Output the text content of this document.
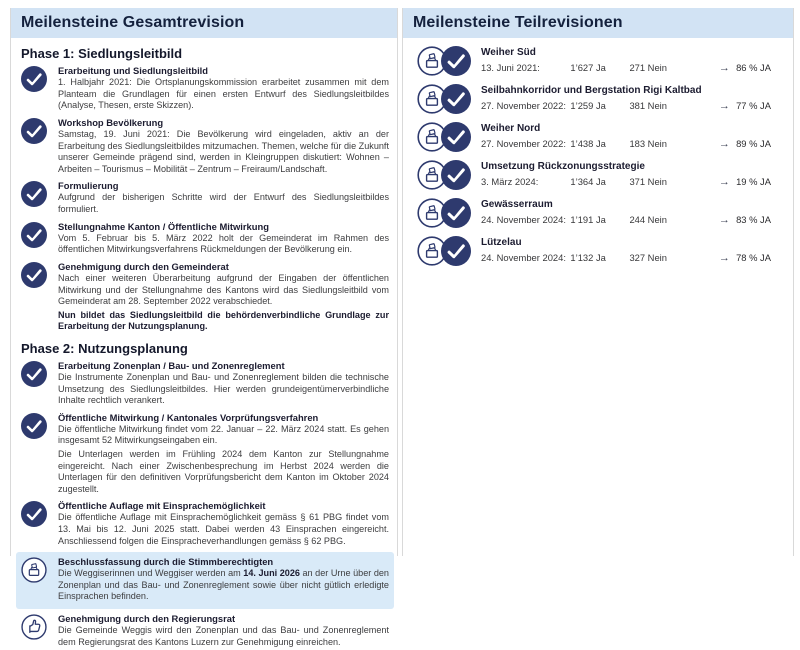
Meilensteine Gesamtrevision
Phase 1: Siedlungsleitbild
Erarbeitung und Siedlungsleitbild
1. Halbjahr 2021: Die Ortsplanungskommission erarbeitet zusammen mit dem Planteam die Grundlagen für einen ersten Entwurf des Siedlungsleitbildes (Analyse, Thesen, erste Skizzen).
Workshop Bevölkerung
Samstag, 19. Juni 2021: Die Bevölkerung wird eingeladen, aktiv an der Erarbeitung des Siedlungsleitbildes mitzumachen. Themen, welche für die Zukunft unserer Gemeinde prägend sind, werden in Kleingruppen diskutiert: Wohnen – Arbeiten – Tourismus – Mobilität – Zentrum – Freiraum/Landschaft.
Formulierung
Aufgrund der bisherigen Schritte wird der Entwurf des Siedlungsleitbildes formuliert.
Stellungnahme Kanton / Öffentliche Mitwirkung
Vom 5. Februar bis 5. März 2022 holt der Gemeinderat im Rahmen des öffentlichen Mitwirkungsverfahrens Rückmeldungen der Bevölkerung ein.
Genehmigung durch den Gemeinderat
Nach einer weiteren Überarbeitung aufgrund der Eingaben der öffentlichen Mitwirkung und der Stellungnahme des Kantons wird das Siedlungsleitbild vom Gemeinderat am 28. September 2022 verabschiedet.
Nun bildet das Siedlungsleitbild die behördenverbindliche Grundlage zur Erarbeitung der Nutzungsplanung.
Phase 2: Nutzungsplanung
Erarbeitung Zonenplan / Bau- und Zonenreglement
Die Instrumente Zonenplan und Bau- und Zonenreglement bilden die technische Umsetzung des Siedlungsleitbildes. Hier werden grundeigentümerverbindliche Inhalte rechtlich verankert.
Öffentliche Mitwirkung / Kantonales Vorprüfungsverfahren
Die öffentliche Mitwirkung findet vom 22. Januar – 22. März 2024 statt. Es gehen insgesamt 52 Mitwirkungseingaben ein.
Die Unterlagen werden im Frühling 2024 dem Kanton zur Stellungnahme eingereicht. Nach einer Zwischenbesprechung im Herbst 2024 werden die Unterlagen für den definitiven Vorprüfungsbericht dem Kanton im Oktober 2024 zugestellt.
Öffentliche Auflage mit Einsprachemöglichkeit
Die öffentliche Auflage mit Einsprachemöglichkeit gemäss § 61 PBG findet vom 13. Mai bis 12. Juni 2025 statt. Dabei werden 43 Einsprachen eingereicht. Anschliessend folgen die Einspracheverhandlungen gemäss § 62 PBG.
Beschlussfassung durch die Stimmberechtigten
Die Weggiserinnen und Weggiser werden am 14. Juni 2026 an der Urne über den Zonenplan und das Bau- und Zonenreglement sowie über nicht gütlich erledigte Einsprachen befinden.
Genehmigung durch den Regierungsrat
Die Gemeinde Weggis wird den Zonenplan und das Bau- und Zonenreglement dem Regierungsrat des Kantons Luzern zur Genehmigung einreichen.
Meilensteine Teilrevisionen
Weiher Süd
13. Juni 2021:	1’627 Ja	271 Nein	→ 86 % JA
Seilbahnkorridor und Bergstation Rigi Kaltbad
27. November 2022: 1’259 Ja	381 Nein	→ 77 % JA
Weiher Nord
27. November 2022: 1’438 Ja	183 Nein	→ 89 % JA
Umsetzung Rückzonungsstrategie
3. März 2024:	1’364 Ja	371 Nein	→ 19 % JA
Gewässerraum
24. November 2024: 1’191 Ja	244 Nein	→ 83 % JA
Lützelau
24. November 2024: 1’132 Ja	327 Nein	→ 78 % JA
